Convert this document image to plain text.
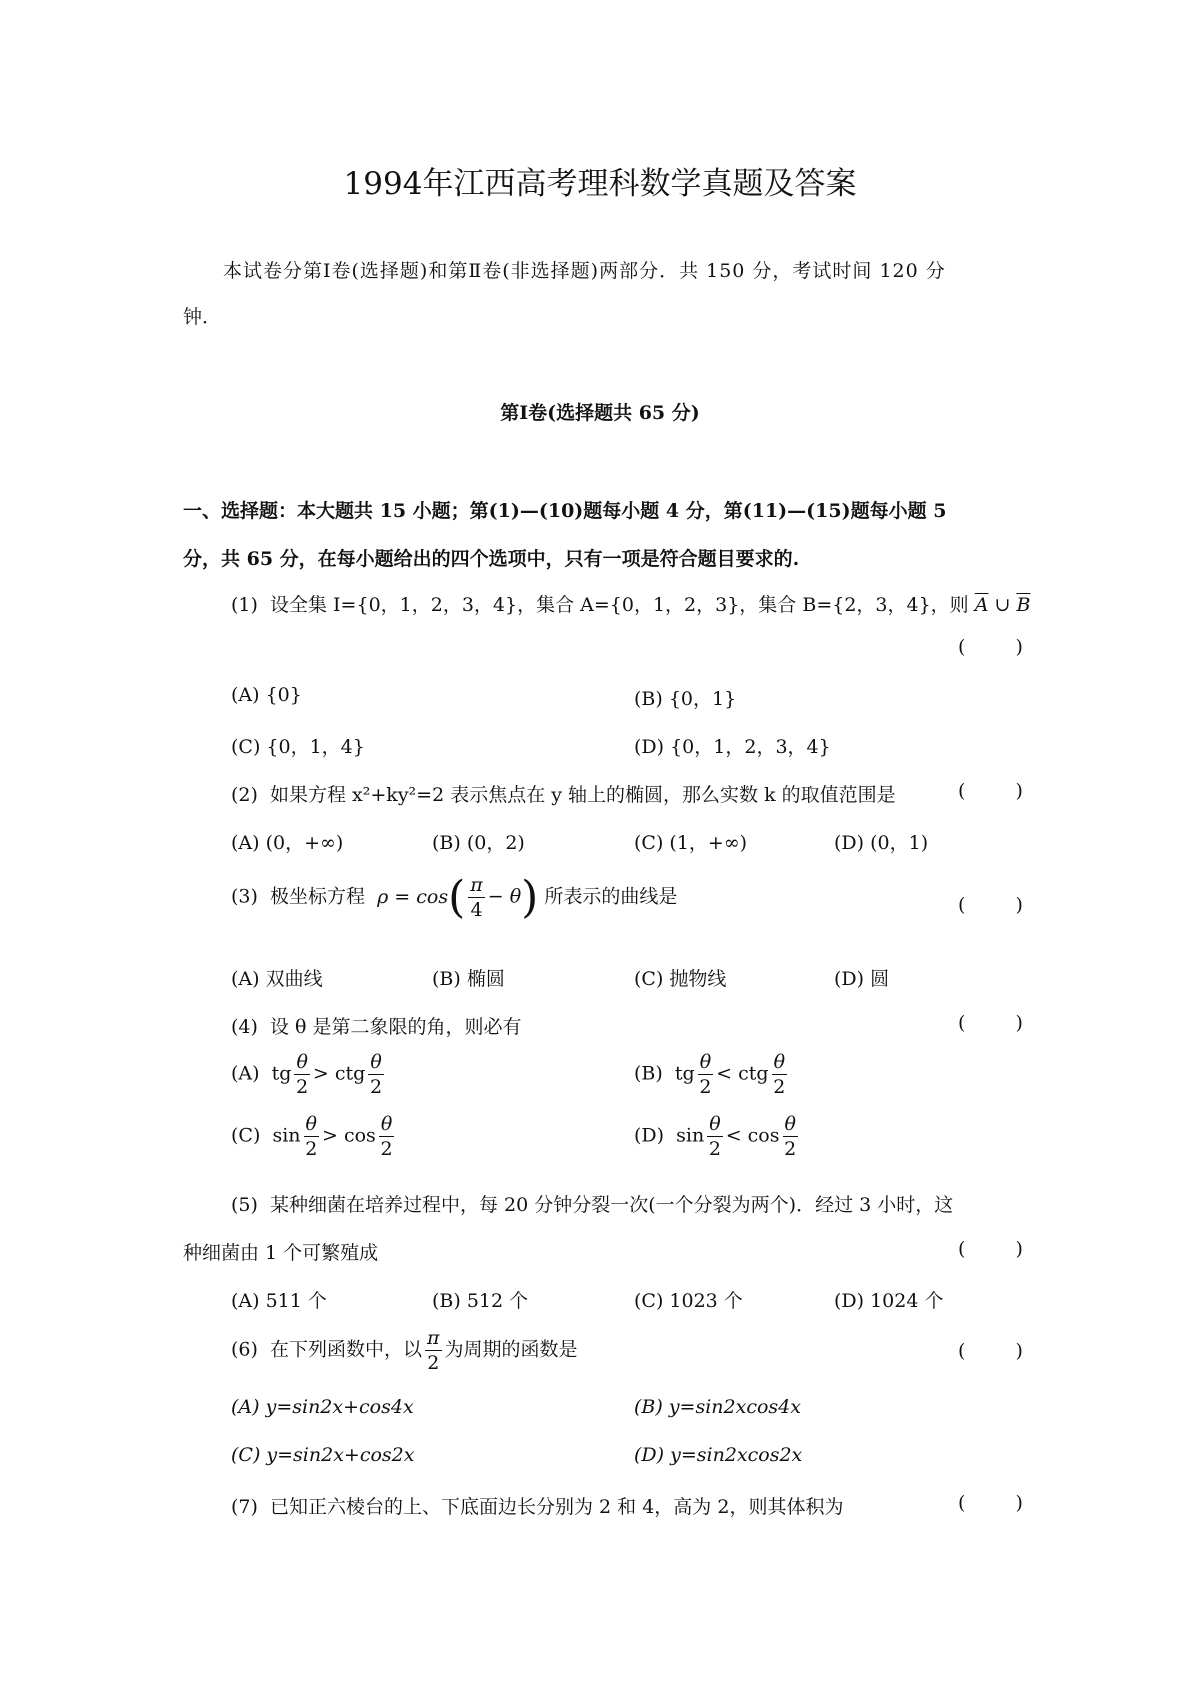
1994年江西高考理科数学真题及答案
本试卷分第Ⅰ卷(选择题)和第Ⅱ卷(非选择题)两部分．共 150 分，考试时间 120 分
钟．
第Ⅰ卷(选择题共 65 分)
一、选择题：本大题共 15 小题；第(1)—(10)题每小题 4 分，第(11)—(15)题每小题 5
分，共 65 分，在每小题给出的四个选项中，只有一项是符合题目要求的.
(1) 设全集 I={0，1，2，3，4}，集合 A={0，1，2，3}，集合 B={2，3，4}，则 $\overline{A}$ ∪ $\overline{B}$
( )
(A) {0}	(B) {0，1}
(C) {0，1，4}	(D) {0，1，2，3，4}
(2) 如果方程 x²+ky²=2 表示焦点在 y 轴上的椭圆，那么实数 k 的取值范围是	( )
(A) (0，+∞)	(B) (0，2)	(C) (1，+∞)	(D) (0，1)
(3) 极坐标方程 $\rho = \cos( \frac{\pi}{4} - \theta)$ 所表示的曲线是	( )
(A) 双曲线	(B) 椭圆	(C) 抛物线	(D) 圆
(4) 设 θ 是第二象限的角，则必有	( )
(A) tg $\frac{\theta}{2}$ > ctg $\frac{\theta}{2}$	(B) tg $\frac{\theta}{2}$ < ctg $\frac{\theta}{2}$
(C) $\sin \frac{\theta}{2} > \cos \frac{\theta}{2}$	(D) $\sin \frac{\theta}{2} < \cos \frac{\theta}{2}$
(5) 某种细菌在培养过程中，每 20 分钟分裂一次(一个分裂为两个)．经过 3 小时，这
种细菌由 1 个可繁殖成	( )
(A) 511 个	(B) 512 个	(C) 1023 个	(D) 1024 个
(6) 在下列函数中，以 $\frac{\pi}{2}$ 为周期的函数是	( )
(A) y=sin2x+cos4x	(B) y=sin2xcos4x
(C) y=sin2x+cos2x	(D) y=sin2xcos2x
(7) 已知正六棱台的上、下底面边长分别为 2 和 4，高为 2，则其体积为	( )
